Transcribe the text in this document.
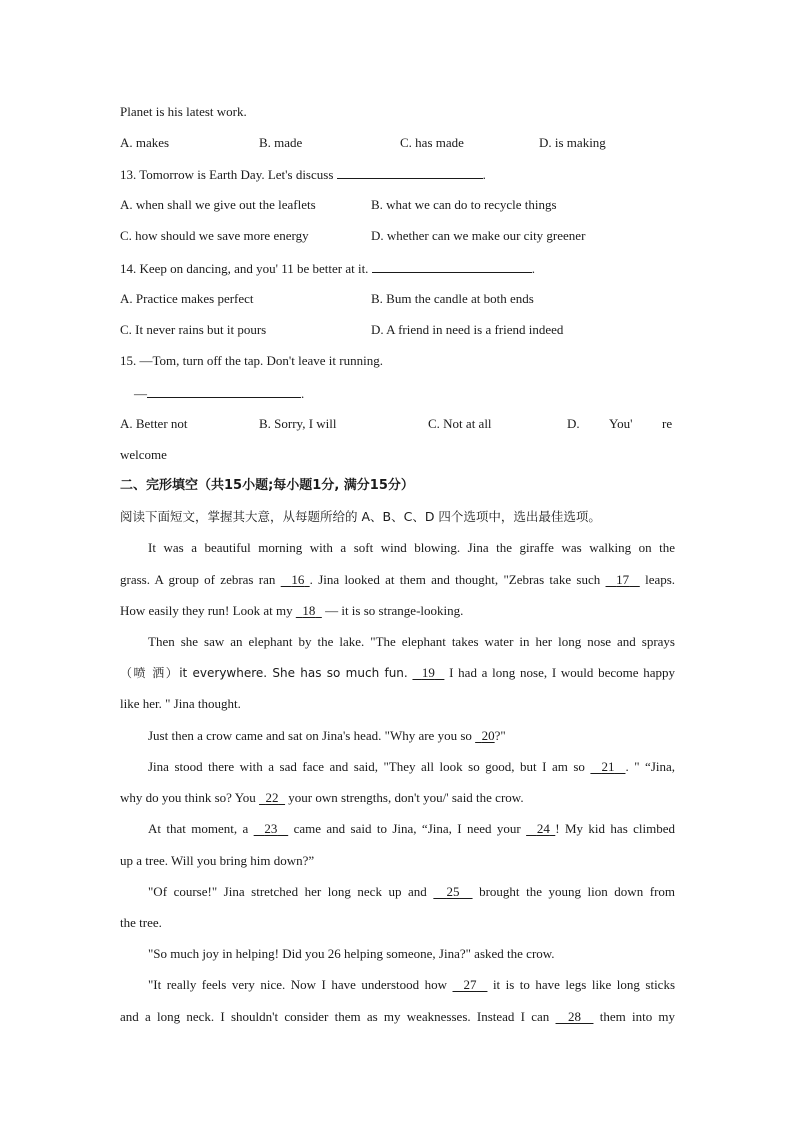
Planet is his latest work.
A. makes	B. made	C. has made	D. is making
13. Tomorrow is Earth Day. Let's discuss	.
A. when shall we give out the leaflets	B. what we can do to recycle things
C. how should we save more energy	D. whether can we make our city greener
14. Keep on dancing, and you' 11 be better at it.	.
A. Practice makes perfect	B. Bum the candle at both ends
C. It never rains but it pours	D. A friend in need is a friend indeed
15. —Tom, turn off the tap. Don't leave it running.
—	.
A. Better not	B. Sorry, I will	C. Not at all	D. You' re
welcome
二、完形填空（共15小题;每小题1分, 满分15分）
阅读下面短文，掌握其大意，从每题所给的 A、B、C、D 四个选项中，选出最佳选项。
It was a beautiful morning with a soft wind blowing. Jina the giraffe was walking on the
grass. A group of zebras ran 16 . Jina looked at them and thought, "Zebras take such 17 leaps.
How easily they run! Look at my 18 — it is so strange-looking.
Then she saw an elephant by the lake. "The elephant takes water in her long nose and sprays
（喷 洒）it everywhere. She has so much fun. 19 I had a long nose, I would become happy
like her. " Jina thought.
Just then a crow came and sat on Jina's head. "Why are you so 20?"
Jina stood there with a sad face and said, "They all look so good, but I am so 21 . " “Jina,
why do you think so? You 22 your own strengths, don't you/' said the crow.
At that moment, a 23 came and said to Jina, “Jina, I need your 24 ! My kid has climbed
up a tree. Will you bring him down?”
"Of course!" Jina stretched her long neck up and 25 brought the young lion down from
the tree.
"So much joy in helping! Did you 26 helping someone, Jina?" asked the crow.
"It really feels very nice. Now I have understood how 27 it is to have legs like long sticks
and a long neck. I shouldn't consider them as my weaknesses. Instead I can 28 them into my
